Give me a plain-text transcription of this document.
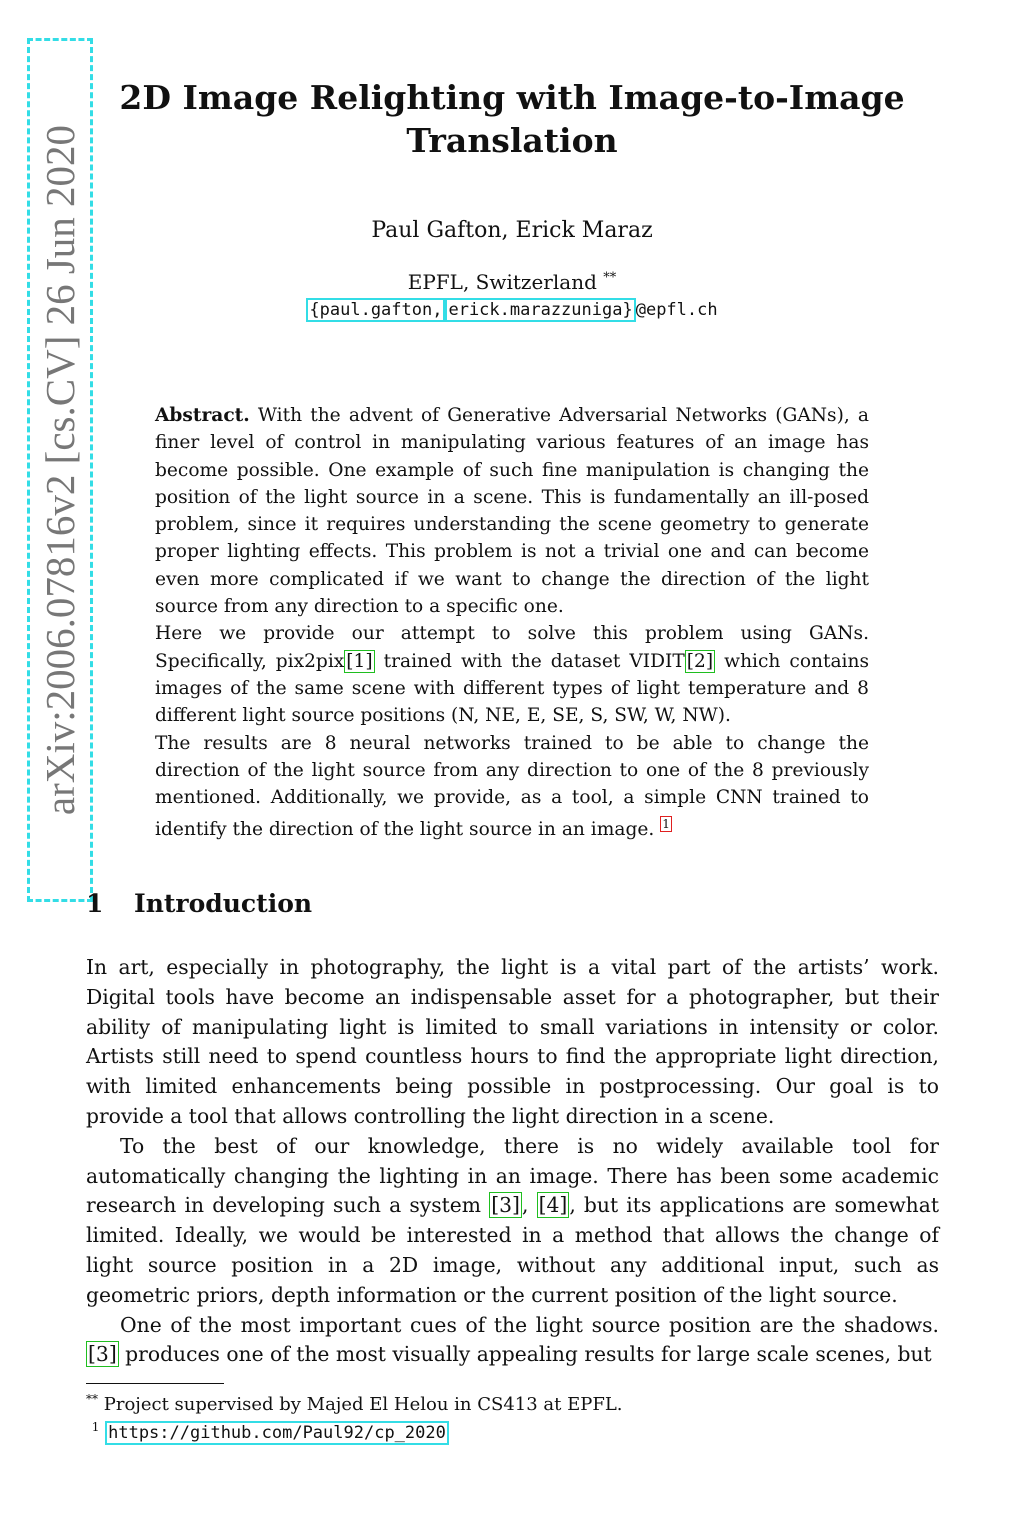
arXiv:2006.07816v2 [cs.CV] 26 Jun 2020
2D Image Relighting with Image-to-Image
Translation
Paul Gafton, Erick Maraz
EPFL, Switzerland **
{paul.gafton, erick.marazzuniga} @epfl.ch

Abstract. With the advent of Generative Adversarial Networks (GANs), a finer level of control in manipulating various features of an image has become possible. One example of such fine manipulation is changing the position of the light source in a scene. This is fundamentally an ill-posed problem, since it requires understanding the scene geometry to generate proper lighting effects. This problem is not a trivial one and can become even more complicated if we want to change the direction of the light source from any direction to a specific one.

Here we provide our attempt to solve this problem using GANs. Specifically, pix2pix [1] trained with the dataset VIDIT [2] which contains images of the same scene with different types of light temperature and 8 different light source positions (N, NE, E, SE, S, SW, W, NW).

The results are 8 neural networks trained to be able to change the direction of the light source from any direction to one of the 8 previously mentioned. Additionally, we provide, as a tool, a simple CNN trained to identify the direction of the light source in an image. $^1$

1 Introduction

In art, especially in photography, the light is a vital part of the artists’ work. Digital tools have become an indispensable asset for a photographer, but their ability of manipulating light is limited to small variations in intensity or color. Artists still need to spend countless hours to find the appropriate light direction, with limited enhancements being possible in postprocessing. Our goal is to provide a tool that allows controlling the light direction in a scene.

To the best of our knowledge, there is no widely available tool for automatically changing the lighting in an image. There has been some academic research in developing such a system [3], [4], but its applications are somewhat limited. Ideally, we would be interested in a method that allows the change of light source position in a 2D image, without any additional input, such as geometric priors, depth information or the current position of the light source.

One of the most important cues of the light source position are the shadows. [3] produces one of the most visually appealing results for large scale scenes, but

** Project supervised by Majed El Helou in CS413 at EPFL.
$^1$ https://github.com/Paul92/cp_2020
